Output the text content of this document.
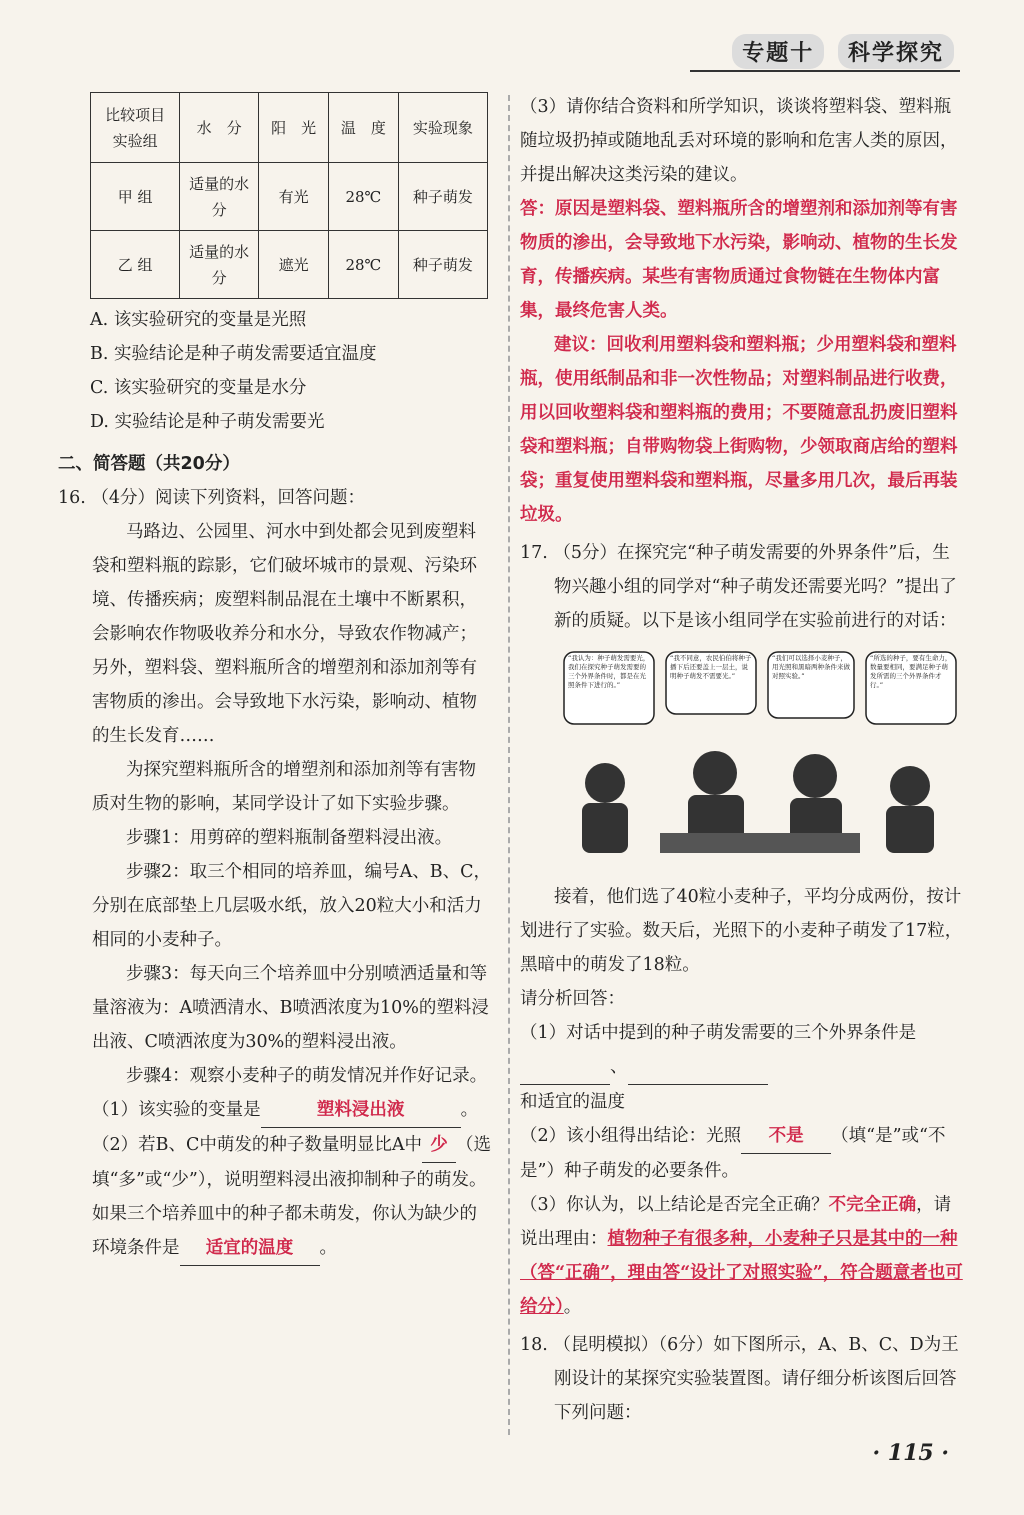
专题十 科学探究
比较项目
实验组	水　分	阳　光	温　度	实验现象
甲 组	适量的水分	有光	28℃	种子萌发
乙 组	适量的水分	遮光	28℃	种子萌发

A. 该实验研究的变量是光照

B. 实验结论是种子萌发需要适宜温度

C. 该实验研究的变量是水分

D. 实验结论是种子萌发需要光

二、简答题（共20分）

16. （4分）阅读下列资料，回答问题：

马路边、公园里、河水中到处都会见到废塑料袋和塑料瓶的踪影，它们破坏城市的景观、污染环境、传播疾病；废塑料制品混在土壤中不断累积，会影响农作物吸收养分和水分，导致农作物减产；另外，塑料袋、塑料瓶所含的增塑剂和添加剂等有害物质的渗出。会导致地下水污染，影响动、植物的生长发育……

为探究塑料瓶所含的增塑剂和添加剂等有害物质对生物的影响，某同学设计了如下实验步骤。

步骤1：用剪碎的塑料瓶制备塑料浸出液。

步骤2：取三个相同的培养皿，编号A、B、C，分别在底部垫上几层吸水纸，放入20粒大小和活力相同的小麦种子。

步骤3：每天向三个培养皿中分别喷洒适量和等量溶液为：A喷洒清水、B喷洒浓度为10%的塑料浸出液、C喷洒浓度为30%的塑料浸出液。

步骤4：观察小麦种子的萌发情况并作好记录。

（1）该实验的变量是	塑料浸出液	。

（2）若B、C中萌发的种子数量明显比A中 少 （选填“多”或“少”），说明塑料浸出液抑制种子的萌发。如果三个培养皿中的种子都未萌发，你认为缺少的环境条件是 适宜的温度 。

（3）请你结合资料和所学知识，谈谈将塑料袋、塑料瓶随垃圾扔掉或随地乱丢对环境的影响和危害人类的原因，并提出解决这类污染的建议。

答：原因是塑料袋、塑料瓶所含的增塑剂和添加剂等有害物质的渗出，会导致地下水污染，影响动、植物的生长发育，传播疾病。某些有害物质通过食物链在生物体内富集，最终危害人类。

建议：回收利用塑料袋和塑料瓶；少用塑料袋和塑料瓶，使用纸制品和非一次性物品；对塑料制品进行收费，用以回收塑料袋和塑料瓶的费用；不要随意乱扔废旧塑料袋和塑料瓶；自带购物袋上街购物，少领取商店给的塑料袋；重复使用塑料袋和塑料瓶，尽量多用几次，最后再装垃圾。

17. （5分）在探究完“种子萌发需要的外界条件”后，生物兴趣小组的同学对“种子萌发还需要光吗？”提出了新的质疑。以下是该小组同学在实验前进行的对话：

“我认为：种子萌发需要光，我们在探究种子萌发需要的三个外界条件时，都是在光照条件下进行的。”
“我不同意，农民伯伯将种子播下后还要盖上一层土，说明种子萌发不需要光。”
“我们可以选择小麦种子，用光照和黑暗两种条件来做对照实验。”
“所选的种子，要有生命力，数量要相同，要满足种子萌发所需的三个外界条件才行。”

接着，他们选了40粒小麦种子，平均分成两份，按计划进行了实验。数天后，光照下的小麦种子萌发了17粒，黑暗中的萌发了18粒。

请分析回答：

（1）对话中提到的种子萌发需要的三个外界条件是 、
和适宜的温度

（2）该小组得出结论：光照 不是 （填“是”或“不是”）种子萌发的必要条件。

（3）你认为，以上结论是否完全正确？不完全正确，请说出理由：植物种子有很多种，小麦种子只是其中的一种（答“正确”，理由答“设计了对照实验”，符合题意者也可给分）。

18. （昆明模拟）（6分）如下图所示，A、B、C、D为王刚设计的某探究实验装置图。请仔细分析该图后回答下列问题：

· 115 ·
